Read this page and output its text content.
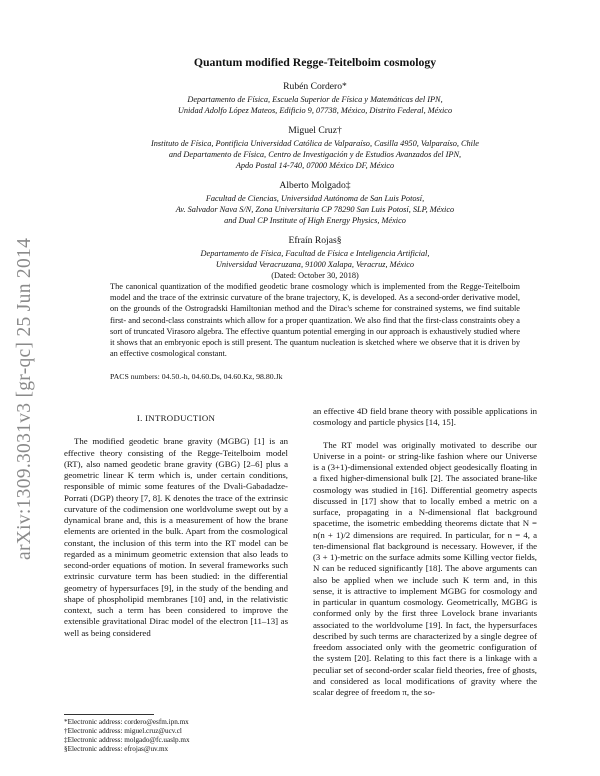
arXiv:1309.3031v3 [gr-qc] 25 Jun 2014
Quantum modified Regge-Teitelboim cosmology
Rubén Cordero*
Departamento de Física, Escuela Superior de Física y Matemáticas del IPN,
Unidad Adolfo López Mateos, Edificio 9, 07738, México, Distrito Federal, México
Miguel Cruz†
Instituto de Física, Pontificia Universidad Católica de Valparaíso, Casilla 4950, Valparaíso, Chile
and Departamento de Física, Centro de Investigación y de Estudios Avanzados del IPN,
Apdo Postal 14-740, 07000 México DF, México
Alberto Molgado‡
Facultad de Ciencias, Universidad Autónoma de San Luis Potosí,
Av. Salvador Nava S/N, Zona Universitaria CP 78290 San Luis Potosí, SLP, México
and Dual CP Institute of High Energy Physics, México
Efraín Rojas§
Departamento de Física, Facultad de Física e Inteligencia Artificial,
Universidad Veracruzana, 91000 Xalapa, Veracruz, México
(Dated: October 30, 2018)
The canonical quantization of the modified geodetic brane cosmology which is implemented from the Regge-Teitelboim model and the trace of the extrinsic curvature of the brane trajectory, K, is developed. As a second-order derivative model, on the grounds of the Ostrogradski Hamiltonian method and the Dirac's scheme for constrained systems, we find suitable first- and second-class constraints which allow for a proper quantization. We also find that the first-class constraints obey a sort of truncated Virasoro algebra. The effective quantum potential emerging in our approach is exhaustively studied where it shows that an embryonic epoch is still present. The quantum nucleation is sketched where we observe that it is driven by an effective cosmological constant.
PACS numbers: 04.50.-h, 04.60.Ds, 04.60.Kz, 98.80.Jk
I. INTRODUCTION

The modified geodetic brane gravity (MGBG) [1] is an effective theory consisting of the Regge-Teitelboim model (RT), also named geodetic brane gravity (GBG) [2–6] plus a geometric linear K term which is, under certain conditions, responsible of mimic some features of the Dvali-Gabadadze-Porrati (DGP) theory [7, 8]. K denotes the trace of the extrinsic curvature of the codimension one worldvolume swept out by a dynamical brane and, this is a measurement of how the brane elements are oriented in the bulk. Apart from the cosmological constant, the inclusion of this term into the RT model can be regarded as a minimum geometric extension that also leads to second-order equations of motion. In several frameworks such extrinsic curvature term has been studied: in the differential geometry of hypersurfaces [9], in the study of the bending and shape of phospholipid membranes [10] and, in the relativistic context, such a term has been considered to improve the extensible gravitational Dirac model of the electron [11–13] as well as being considered

an effective 4D field brane theory with possible applications in cosmology and particle physics [14, 15].

The RT model was originally motivated to describe our Universe in a point- or string-like fashion where our Universe is a (3+1)-dimensional extended object geodesically floating in a fixed higher-dimensional bulk [2]. The associated brane-like cosmology was studied in [16]. Differential geometry aspects discussed in [17] show that to locally embed a metric on a surface, propagating in a N-dimensional flat background spacetime, the isometric embedding theorems dictate that N = n(n + 1)/2 dimensions are required. In particular, for n = 4, a ten-dimensional flat background is necessary. However, if the (3 + 1)-metric on the surface admits some Killing vector fields, N can be reduced significantly [18]. The above arguments can also be applied when we include such K term and, in this sense, it is attractive to implement MGBG for cosmology and in particular in quantum cosmology. Geometrically, MGBG is conformed only by the first three Lovelock brane invariants associated to the worldvolume [19]. In fact, the hypersurfaces described by such terms are characterized by a single degree of freedom associated only with the geometric configuration of the system [20]. Relating to this fact there is a linkage with a peculiar set of second-order scalar field theories, free of ghosts, and considered as local modifications of gravity where the scalar degree of freedom π, the so-

*Electronic address: cordero@esfm.ipn.mx
†Electronic address: miguel.cruz@ucv.cl
‡Electronic address: molgado@fc.uaslp.mx
§Electronic address: efrojas@uv.mx
